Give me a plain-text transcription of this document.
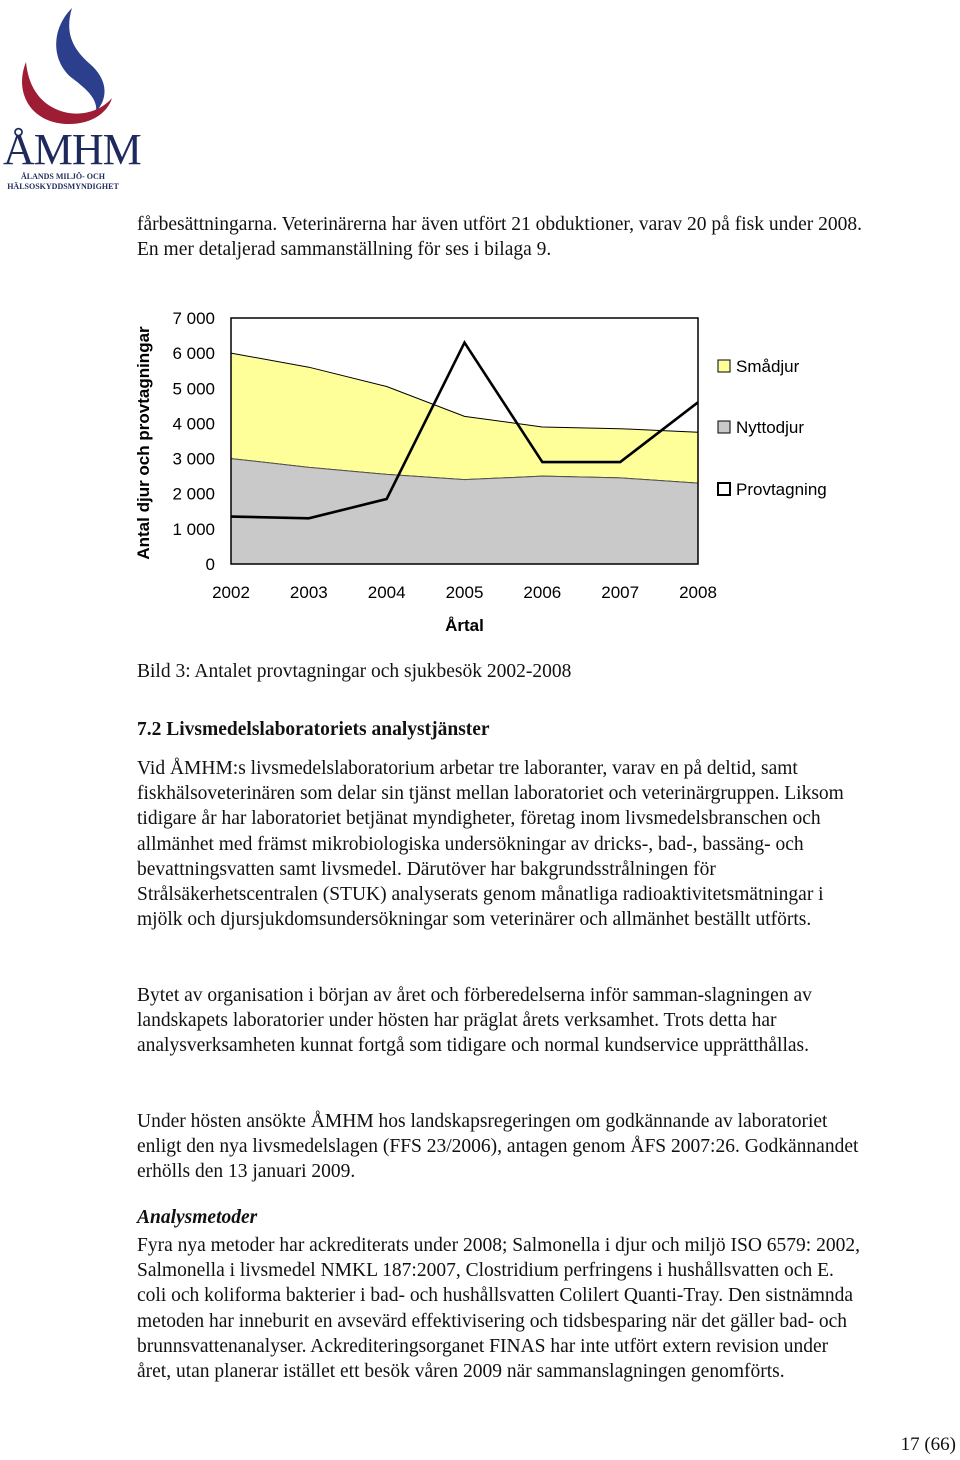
ÅMHM
ÅLANDS MILJÖ- OCH HÄLSOSKYDDSMYNDIGHET

fårbesättningarna. Veterinärerna har även utfört 21 obduktioner, varav 20 på fisk under 2008. En mer detaljerad sammanställning för ses i bilaga 9.

7 000
6 000
5 000
4 000
3 000
2 000
1 000
0
2002 2003 2004 2005 2006 2007 2008
Årtal
Antal djur och provtagningar	Smådjur
Nyttodjur
Provtagning

Bild 3: Antalet provtagningar och sjukbesök 2002-2008

7.2 Livsmedelslaboratoriets analystjänster

Vid ÅMHM:s livsmedelslaboratorium arbetar tre laboranter, varav en på deltid, samt fiskhälsoveterinären som delar sin tjänst mellan laboratoriet och veterinärgruppen. Liksom tidigare år har laboratoriet betjänat myndigheter, företag inom livsmedelsbranschen och allmänhet med främst mikrobiologiska undersökningar av dricks-, bad-, bassäng- och bevattningsvatten samt livsmedel. Därutöver har bakgrundsstrålningen för Strålsäkerhetscentralen (STUK) analyserats genom månatliga radioaktivitetsmätningar i mjölk och djursjukdomsundersökningar som veterinärer och allmänhet beställt utförts.

Bytet av organisation i början av året och förberedelserna inför samman-slagningen av landskapets laboratorier under hösten har präglat årets verksamhet. Trots detta har analysverksamheten kunnat fortgå som tidigare och normal kundservice upprätthållas.

Under hösten ansökte ÅMHM hos landskapsregeringen om godkännande av laboratoriet enligt den nya livsmedelslagen (FFS 23/2006), antagen genom ÅFS 2007:26. Godkännandet erhölls den 13 januari 2009.

Analysmetoder

Fyra nya metoder har ackrediterats under 2008; Salmonella i djur och miljö ISO 6579: 2002, Salmonella i livsmedel NMKL 187:2007, Clostridium perfringens i hushållsvatten och E. coli och koliforma bakterier i bad- och hushållsvatten Colilert Quanti-Tray. Den sistnämnda metoden har inneburit en avsevärd effektivisering och tidsbesparing när det gäller bad- och brunnsvattenanalyser. Ackrediteringsorganet FINAS har inte utfört extern revision under året, utan planerar istället ett besök våren 2009 när sammanslagningen genomförts.

17 (66)
